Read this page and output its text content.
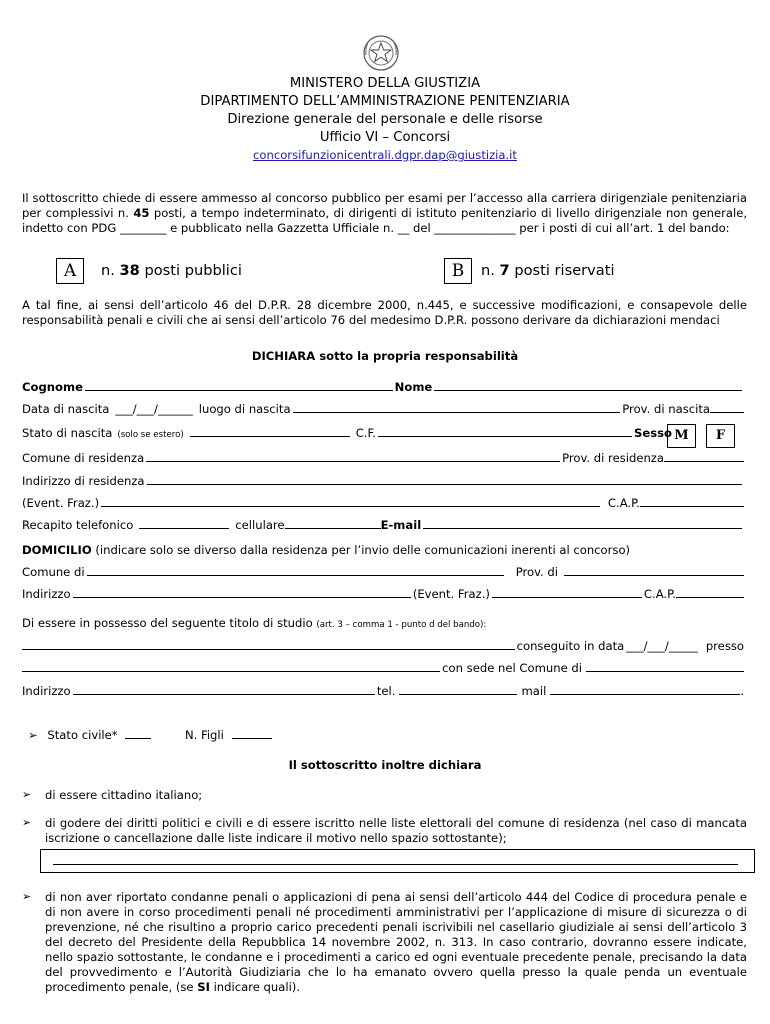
MINISTERO DELLA GIUSTIZIA
DIPARTIMENTO DELL’AMMINISTRAZIONE PENITENZIARIA
Direzione generale del personale e delle risorse
Ufficio VI – Concorsi
concorsifunzionicentrali.dgpr.dap@giustizia.it
Il sottoscritto chiede di essere ammesso al concorso pubblico per esami per l’accesso alla carriera dirigenziale penitenziaria per complessivi n. 45 posti, a tempo indeterminato, di dirigenti di istituto penitenziario di livello dirigenziale non generale, indetto con PDG ________ e pubblicato nella Gazzetta Ufficiale n. __ del ______________ per i posti di cui all’art. 1 del bando:
A	n. 38 posti pubblici	B	n. 7 posti riservati
A tal fine, ai sensi dell’articolo 46 del D.P.R. 28 dicembre 2000, n.445, e successive modificazioni, e consapevole delle responsabilità penali e civili che ai sensi dell’articolo 76 del medesimo D.P.R. possono derivare da dichiarazioni mendaci
DICHIARA sotto la propria responsabilità
Cognome	Nome
Data di nascita ___/___/______ luogo di nascita	Prov. di nascita
Stato di nascita (solo se estero)	C.F.	Sesso M	F
Comune di residenza	Prov. di residenza
Indirizzo di residenza
(Event. Fraz.)	C.A.P.
Recapito telefonico	cellulare	E-mail
DOMICILIO (indicare solo se diverso dalla residenza per l’invio delle comunicazioni inerenti al concorso)
Comune di	Prov. di
Indirizzo	(Event. Fraz.)	C.A.P.
Di essere in possesso del seguente titolo di studio (art. 3 – comma 1 - punto d del bando):
conseguito in data ___/___/_____ presso
con sede nel Comune di
Indirizzo	tel.	mail	.
➢ Stato civile*	N. Figli
Il sottoscritto inoltre dichiara
➢ di essere cittadino italiano;
➢ di godere dei diritti politici e civili e di essere iscritto nelle liste elettorali del comune di residenza (nel caso di mancata iscrizione o cancellazione dalle liste indicare il motivo nello spazio sottostante);
➢ di non aver riportato condanne penali o applicazioni di pena ai sensi dell’articolo 444 del Codice di procedura penale e di non avere in corso procedimenti penali né procedimenti amministrativi per l’applicazione di misure di sicurezza o di prevenzione, né che risultino a proprio carico precedenti penali iscrivibili nel casellario giudiziale ai sensi dell’articolo 3 del decreto del Presidente della Repubblica 14 novembre 2002, n. 313. In caso contrario, dovranno essere indicate, nello spazio sottostante, le condanne e i procedimenti a carico ed ogni eventuale precedente penale, precisando la data del provvedimento e l’Autorità Giudiziaria che lo ha emanato ovvero quella presso la quale penda un eventuale procedimento penale, (se SI indicare quali).
